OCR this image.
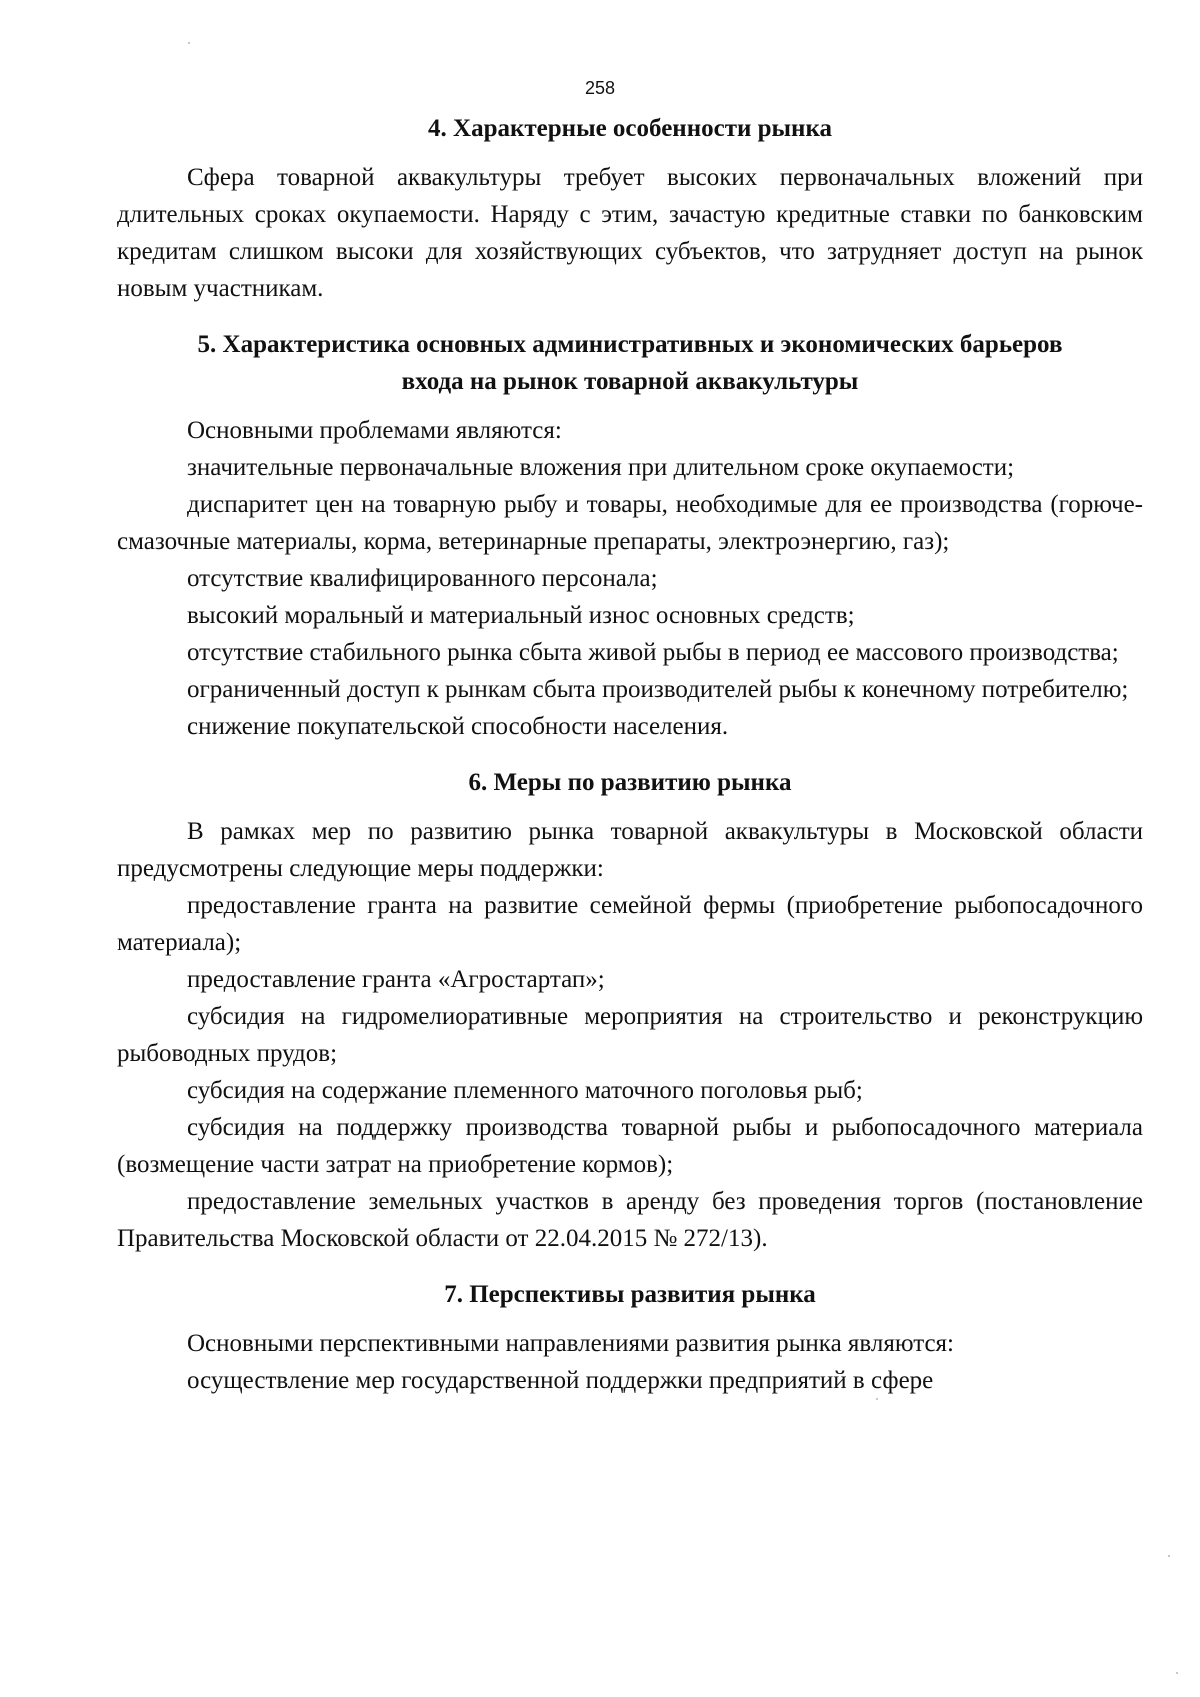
258
4. Характерные особенности рынка

Сфера товарной аквакультуры требует высоких первоначальных вложений при длительных сроках окупаемости. Наряду с этим, зачастую кредитные ставки по банковским кредитам слишком высоки для хозяйствующих субъектов, что затрудняет доступ на рынок новым участникам.

5. Характеристика основных административных и экономических барьеров
входа на рынок товарной аквакультуры

Основными проблемами являются:

значительные первоначальные вложения при длительном сроке окупаемости;

диспаритет цен на товарную рыбу и товары, необходимые для ее производства (горюче-смазочные материалы, корма, ветеринарные препараты, электроэнергию, газ);

отсутствие квалифицированного персонала;

высокий моральный и материальный износ основных средств;

отсутствие стабильного рынка сбыта живой рыбы в период ее массового производства;

ограниченный доступ к рынкам сбыта производителей рыбы к конечному потребителю;

снижение покупательской способности населения.

6. Меры по развитию рынка

В рамках мер по развитию рынка товарной аквакультуры в Московской области предусмотрены следующие меры поддержки:

предоставление гранта на развитие семейной фермы (приобретение рыбопосадочного материала);

предоставление гранта «Агростартап»;

субсидия на гидромелиоративные мероприятия на строительство и реконструкцию рыбоводных прудов;

субсидия на содержание племенного маточного поголовья рыб;

субсидия на поддержку производства товарной рыбы и рыбопосадочного материала (возмещение части затрат на приобретение кормов);

предоставление земельных участков в аренду без проведения торгов (постановление Правительства Московской области от 22.04.2015 № 272/13).

7. Перспективы развития рынка

Основными перспективными направлениями развития рынка являются:

осуществление мер государственной поддержки предприятий в сфере
